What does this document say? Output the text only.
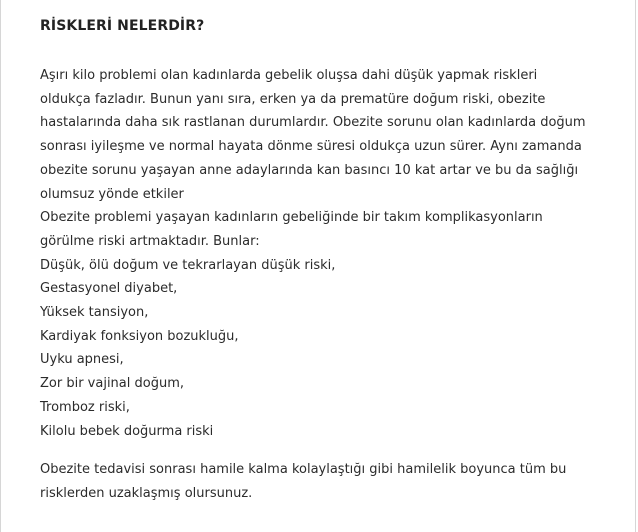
RİSKLERİ NELERDİR?
Aşırı kilo problemi olan kadınlarda gebelik oluşsa dahi düşük yapmak riskleri
oldukça fazladır. Bunun yanı sıra, erken ya da prematüre doğum riski, obezite
hastalarında daha sık rastlanan durumlardır. Obezite sorunu olan kadınlarda doğum
sonrası iyileşme ve normal hayata dönme süresi oldukça uzun sürer. Aynı zamanda
obezite sorunu yaşayan anne adaylarında kan basıncı 10 kat artar ve bu da sağlığı
olumsuz yönde etkiler
Obezite problemi yaşayan kadınların gebeliğinde bir takım komplikasyonların
görülme riski artmaktadır. Bunlar:
Düşük, ölü doğum ve tekrarlayan düşük riski,
Gestasyonel diyabet,
Yüksek tansiyon,
Kardiyak fonksiyon bozukluğu,
Uyku apnesi,
Zor bir vajinal doğum,
Tromboz riski,
Kilolu bebek doğurma riski
Obezite tedavisi sonrası hamile kalma kolaylaştığı gibi hamilelik boyunca tüm bu
risklerden uzaklaşmış olursunuz.
